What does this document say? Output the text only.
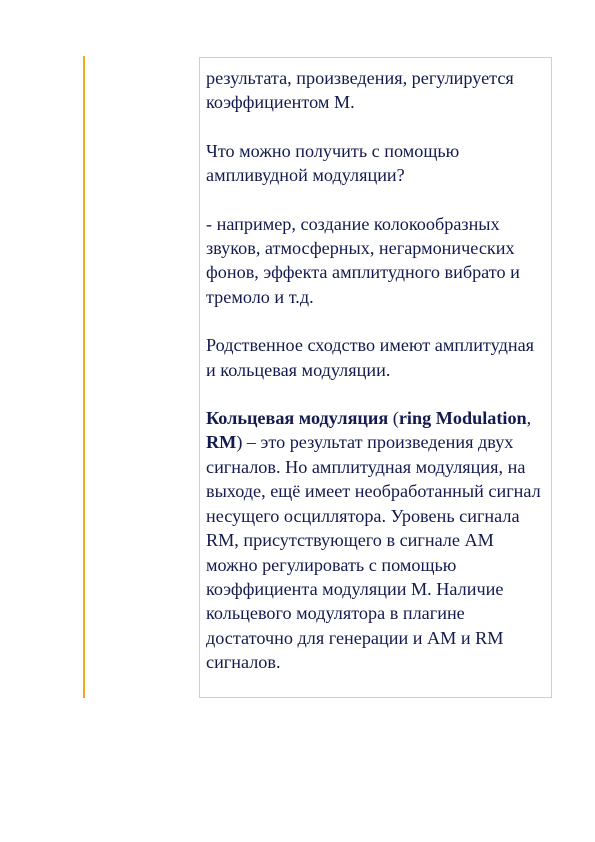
результата, произведения, регулируется коэффициентом М.

Что можно получить с помощью ампливудной модуляции?

- например, создание колокообразных звуков, атмосферных, негармонических фонов, эффекта амплитудного вибрато и тремоло и т.д.

Родственное сходство имеют амплитудная и кольцевая модуляции.

Кольцевая модуляция (ring Modulation, RM) – это результат произведения двух сигналов. Но амплитудная модуляция, на выходе, ещё имеет необработанный сигнал несущего осциллятора. Уровень сигнала RM, присутствующего в сигнале AM можно регулировать с помощью коэффициента модуляции M. Наличие кольцевого модулятора в плагине достаточно для генерации и AM и RM сигналов.
